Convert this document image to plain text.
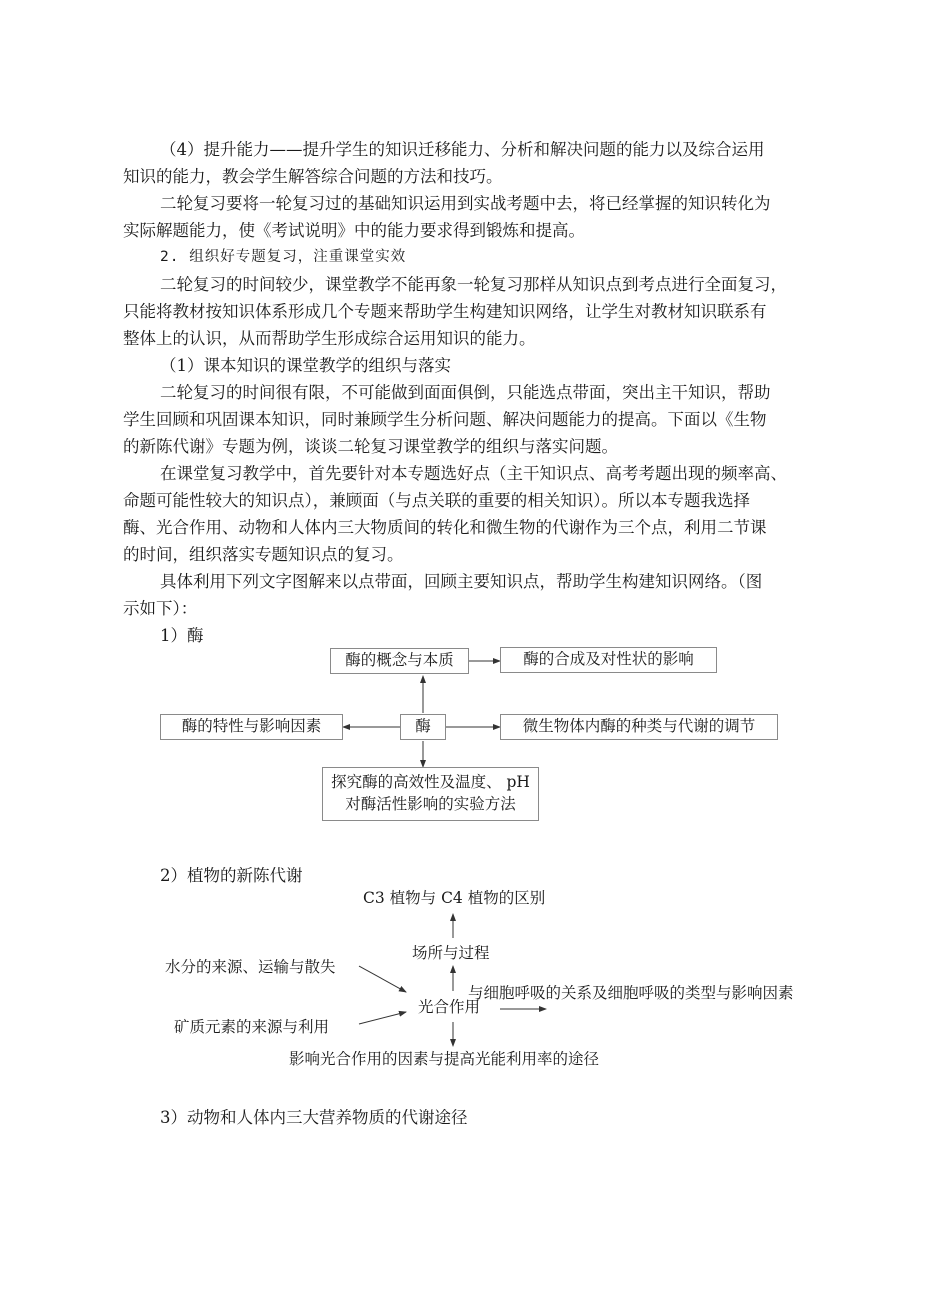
（4）提升能力——提升学生的知识迁移能力、分析和解决问题的能力以及综合运用
知识的能力，教会学生解答综合问题的方法和技巧。
二轮复习要将一轮复习过的基础知识运用到实战考题中去，将已经掌握的知识转化为
实际解题能力，使《考试说明》中的能力要求得到锻炼和提高。
2. 组织好专题复习，注重课堂实效
二轮复习的时间较少，课堂教学不能再象一轮复习那样从知识点到考点进行全面复习，
只能将教材按知识体系形成几个专题来帮助学生构建知识网络，让学生对教材知识联系有
整体上的认识，从而帮助学生形成综合运用知识的能力。
（1）课本知识的课堂教学的组织与落实
二轮复习的时间很有限，不可能做到面面俱倒，只能选点带面，突出主干知识，帮助
学生回顾和巩固课本知识，同时兼顾学生分析问题、解决问题能力的提高。下面以《生物
的新陈代谢》专题为例，谈谈二轮复习课堂教学的组织与落实问题。
在课堂复习教学中，首先要针对本专题选好点（主干知识点、高考考题出现的频率高、
命题可能性较大的知识点），兼顾面（与点关联的重要的相关知识）。所以本专题我选择
酶、光合作用、动物和人体内三大物质间的转化和微生物的代谢作为三个点，利用二节课
的时间，组织落实专题知识点的复习。
具体利用下列文字图解来以点带面，回顾主要知识点，帮助学生构建知识网络。（图
示如下）：
1）酶
酶的概念与本质	酶的合成及对性状的影响
酶的特性与影响因素	酶	微生物体内酶的种类与代谢的调节
探究酶的高效性及温度、 pH
对酶活性影响的实验方法
2）植物的新陈代谢
C3 植物与 C4 植物的区别
场所与过程
水分的来源、运输与散失
与细胞呼吸的关系及细胞呼吸的类型与影响因素
光合作用
矿质元素的来源与利用
影响光合作用的因素与提高光能利用率的途径
3）动物和人体内三大营养物质的代谢途径
